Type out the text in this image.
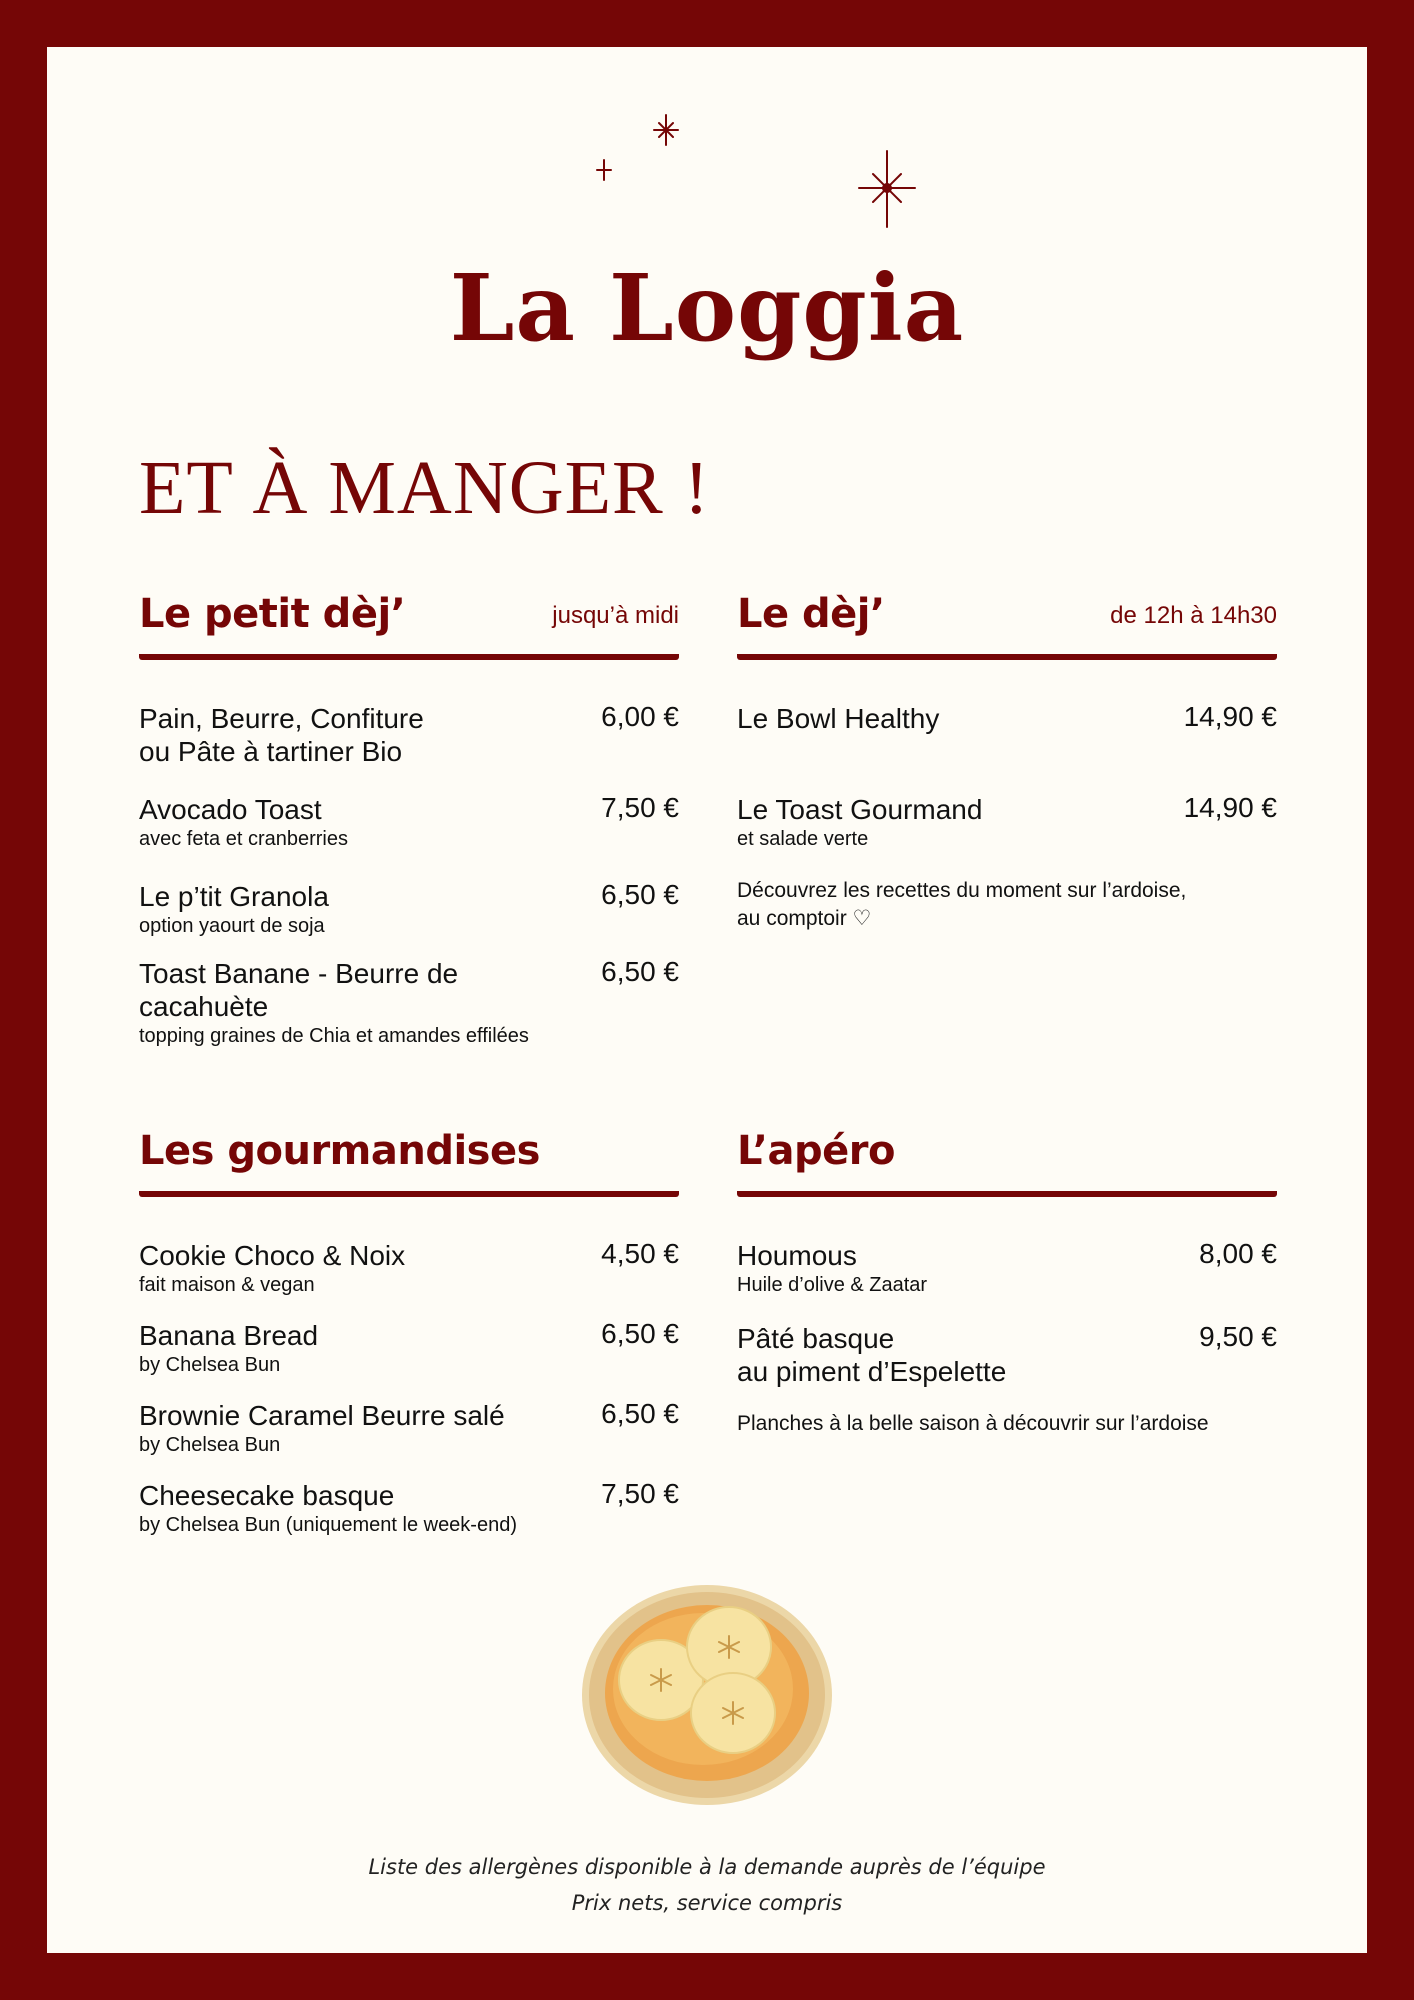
La Loggia
ET À MANGER !
Le petit dèj’	jusqu’à midi
Pain, Beurre, Confiture
ou Pâte à tartiner Bio
6,00 €
Avocado Toast
avec feta et cranberries
7,50 €
Le p’tit Granola
option yaourt de soja
6,50 €
Toast Banane - Beurre de cacahuète
topping graines de Chia et amandes effilées
6,50 €
Le dèj’	de 12h à 14h30
Le Bowl Healthy	14,90 €
Le Toast Gourmand
et salade verte
14,90 €
Découvrez les recettes du moment sur l’ardoise,
au comptoir ♡
Les gourmandises
Cookie Choco & Noix
fait maison & vegan
4,50 €
Banana Bread
by Chelsea Bun
6,50 €
Brownie Caramel Beurre salé
by Chelsea Bun
6,50 €
Cheesecake basque
by Chelsea Bun (uniquement le week-end)
7,50 €
L’apéro
Houmous
Huile d’olive & Zaatar
8,00 €
Pâté basque
au piment d’Espelette
9,50 €
Planches à la belle saison à découvrir sur l’ardoise
Liste des allergènes disponible à la demande auprès de l’équipe
Prix nets, service compris
